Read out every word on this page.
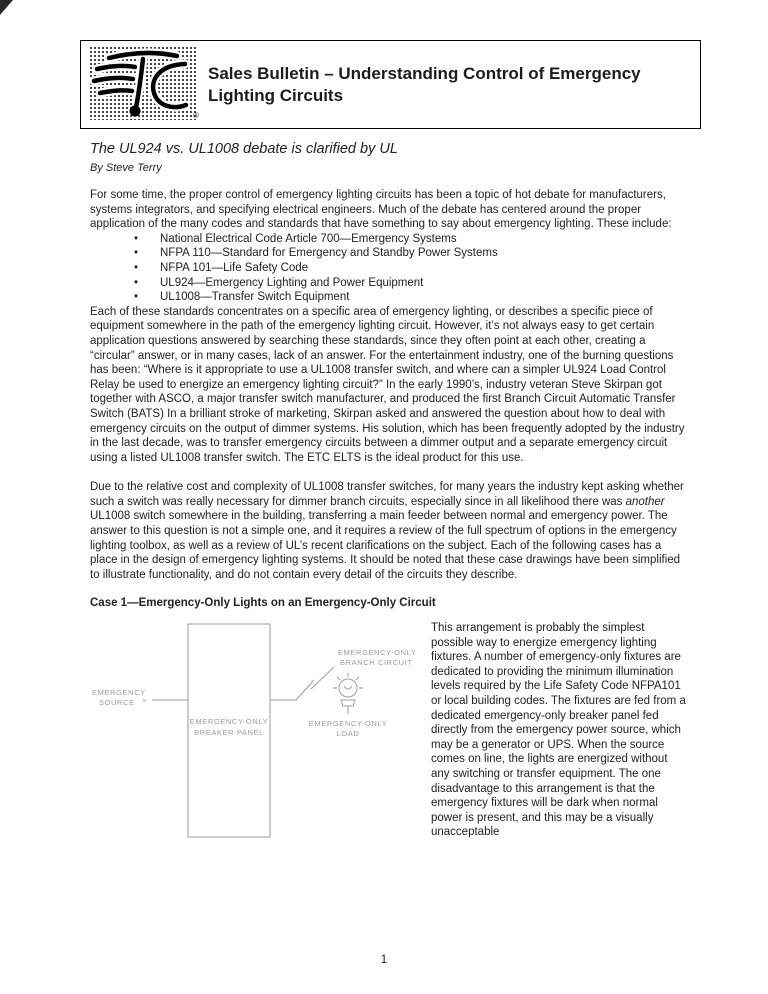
®
Sales Bulletin – Understanding Control of Emergency
Lighting Circuits
The UL924 vs. UL1008 debate is clarified by UL
By Steve Terry

For some time, the proper control of emergency lighting circuits has been a topic of hot debate for manufacturers, systems integrators, and specifying electrical engineers. Much of the debate has centered around the proper application of the many codes and standards that have something to say about emergency lighting. These include:

• National Electrical Code Article 700—Emergency Systems
• NFPA 110—Standard for Emergency and Standby Power Systems
• NFPA 101—Life Safety Code
• UL924—Emergency Lighting and Power Equipment
• UL1008—Transfer Switch Equipment

Each of these standards concentrates on a specific area of emergency lighting, or describes a specific piece of equipment somewhere in the path of the emergency lighting circuit. However, it’s not always easy to get certain application questions answered by searching these standards, since they often point at each other, creating a “circular” answer, or in many cases, lack of an answer. For the entertainment industry, one of the burning questions has been: “Where is it appropriate to use a UL1008 transfer switch, and where can a simpler UL924 Load Control Relay be used to energize an emergency lighting circuit?” In the early 1990’s, industry veteran Steve Skirpan got together with ASCO, a major transfer switch manufacturer, and produced the first Branch Circuit Automatic Transfer Switch (BATS) In a brilliant stroke of marketing, Skirpan asked and answered the question about how to deal with emergency circuits on the output of dimmer systems. His solution, which has been frequently adopted by the industry in the last decade, was to transfer emergency circuits between a dimmer output and a separate emergency circuit using a listed UL1008 transfer switch. The ETC ELTS is the ideal product for this use.

Due to the relative cost and complexity of UL1008 transfer switches, for many years the industry kept asking whether such a switch was really necessary for dimmer branch circuits, especially since in all likelihood there was another UL1008 switch somewhere in the building, transferring a main feeder between normal and emergency power. The answer to this question is not a simple one, and it requires a review of the full spectrum of options in the emergency lighting toolbox, as well as a review of UL’s recent clarifications on the subject. Each of the following cases has a place in the design of emergency lighting systems. It should be noted that these case drawings have been simplified to illustrate functionality, and do not contain every detail of the circuits they describe.

Case 1—Emergency-Only Lights on an Emergency-Only Circuit

EMERGENCY
SOURCE >
EMERGENCY-ONLY
BREAKER PANEL
EMERGENCY-ONLY
BRANCH CIRCUIT
EMERGENCY-ONLY
LOAD
This arrangement is probably the simplest possible way to energize emergency lighting fixtures. A number of emergency-only fixtures are dedicated to providing the minimum illumination levels required by the Life Safety Code NFPA101 or local building codes. The fixtures are fed from a dedicated emergency-only breaker panel fed directly from the emergency power source, which may be a generator or UPS. When the source comes on line, the lights are energized without any switching or transfer equipment. The one disadvantage to this arrangement is that the emergency fixtures will be dark when normal power is present, and this may be a visually unacceptable
1
